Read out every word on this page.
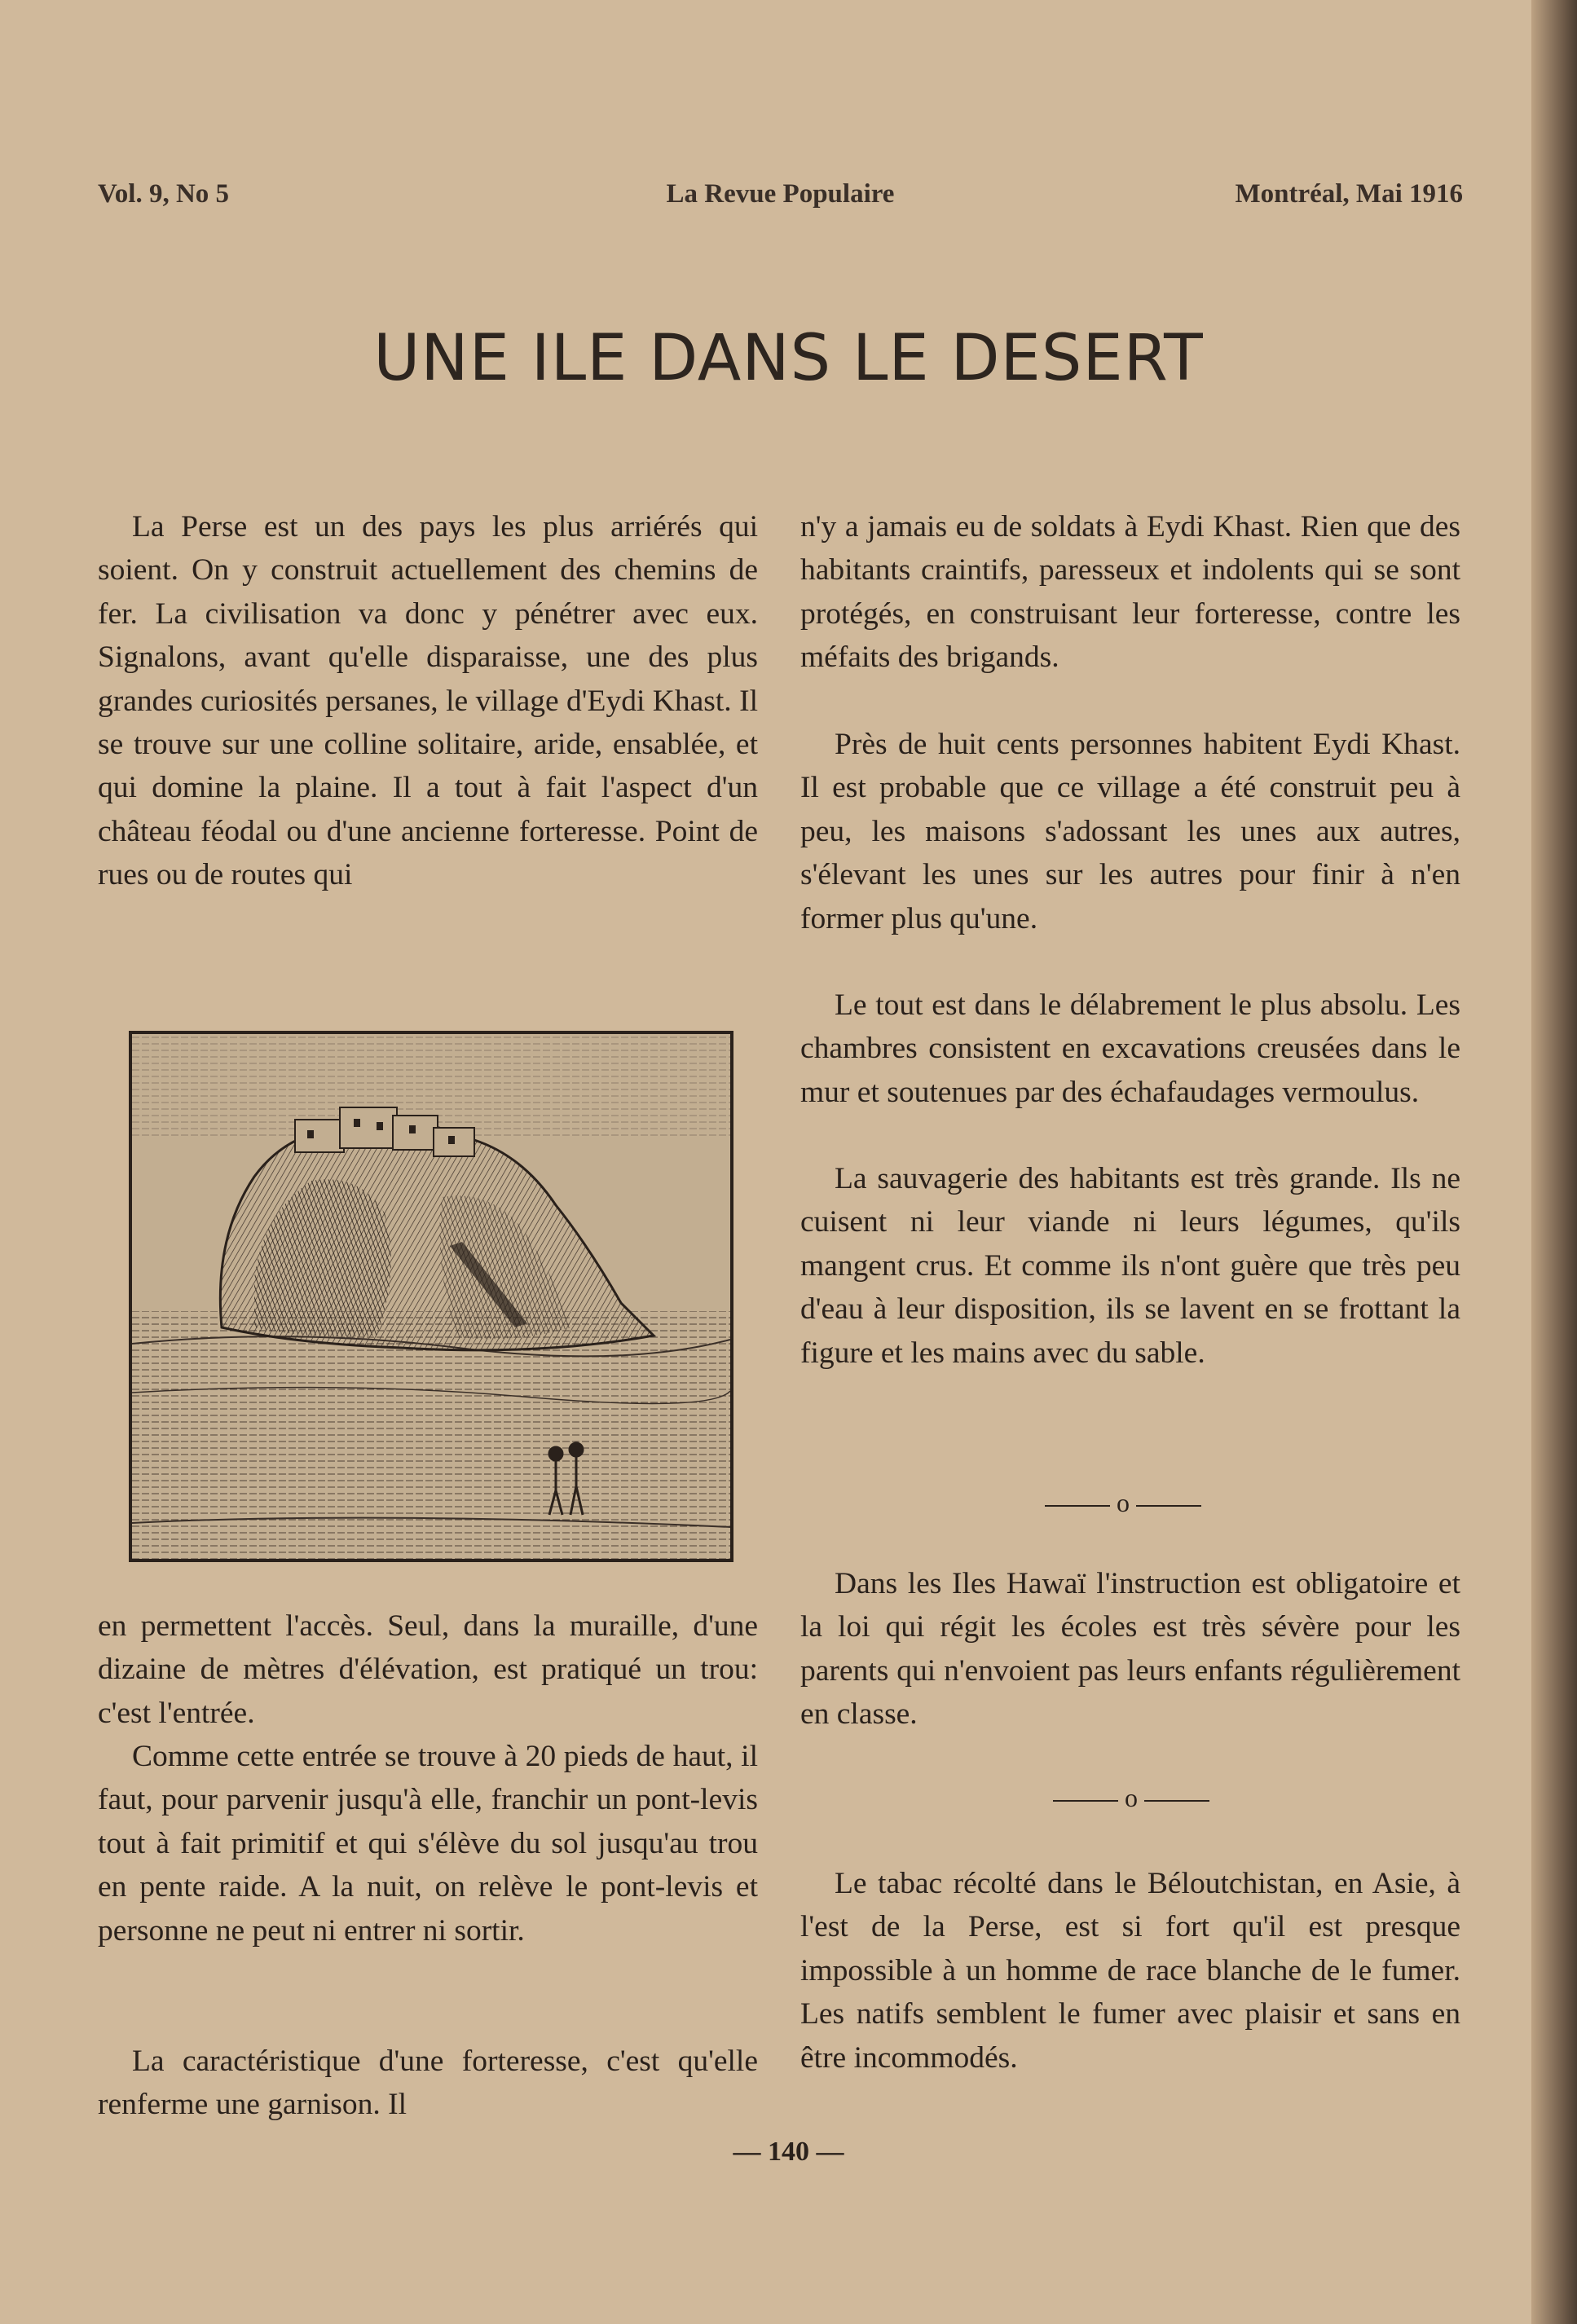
Vol. 9, No 5	La Revue Populaire	Montréal, Mai 1916
UNE ILE DANS LE DESERT

La Perse est un des pays les plus arriérés qui soient. On y construit actuellement des chemins de fer. La civilisation va donc y pénétrer avec eux. Signalons, avant qu'elle disparaisse, une des plus grandes curiosités persanes, le village d'Eydi Khast. Il se trouve sur une colline solitaire, aride, ensablée, et qui domine la plaine. Il a tout à fait l'aspect d'un château féodal ou d'une ancienne forteresse. Point de rues ou de routes qui

en permettent l'accès. Seul, dans la muraille, d'une dizaine de mètres d'élévation, est pratiqué un trou: c'est l'entrée.

Comme cette entrée se trouve à 20 pieds de haut, il faut, pour parvenir jusqu'à elle, franchir un pont-levis tout à fait primitif et qui s'élève du sol jusqu'au trou en pente raide. A la nuit, on relève le pont-levis et personne ne peut ni entrer ni sortir.

La caractéristique d'une forteresse, c'est qu'elle renferme une garnison. Il

n'y a jamais eu de soldats à Eydi Khast. Rien que des habitants craintifs, paresseux et indolents qui se sont protégés, en construisant leur forteresse, contre les méfaits des brigands.

Près de huit cents personnes habitent Eydi Khast. Il est probable que ce village a été construit peu à peu, les maisons s'adossant les unes aux autres, s'élevant les unes sur les autres pour finir à n'en former plus qu'une.

Le tout est dans le délabrement le plus absolu. Les chambres consistent en excavations creusées dans le mur et soutenues par des échafaudages vermoulus.

La sauvagerie des habitants est très grande. Ils ne cuisent ni leur viande ni leurs légumes, qu'ils mangent crus. Et comme ils n'ont guère que très peu d'eau à leur disposition, ils se lavent en se frottant la figure et les mains avec du sable.

o

Dans les Iles Hawaï l'instruction est obligatoire et la loi qui régit les écoles est très sévère pour les parents qui n'envoient pas leurs enfants régulièrement en classe.

o

Le tabac récolté dans le Béloutchistan, en Asie, à l'est de la Perse, est si fort qu'il est presque impossible à un homme de race blanche de le fumer. Les natifs semblent le fumer avec plaisir et sans en être incommodés.

— 140 —
